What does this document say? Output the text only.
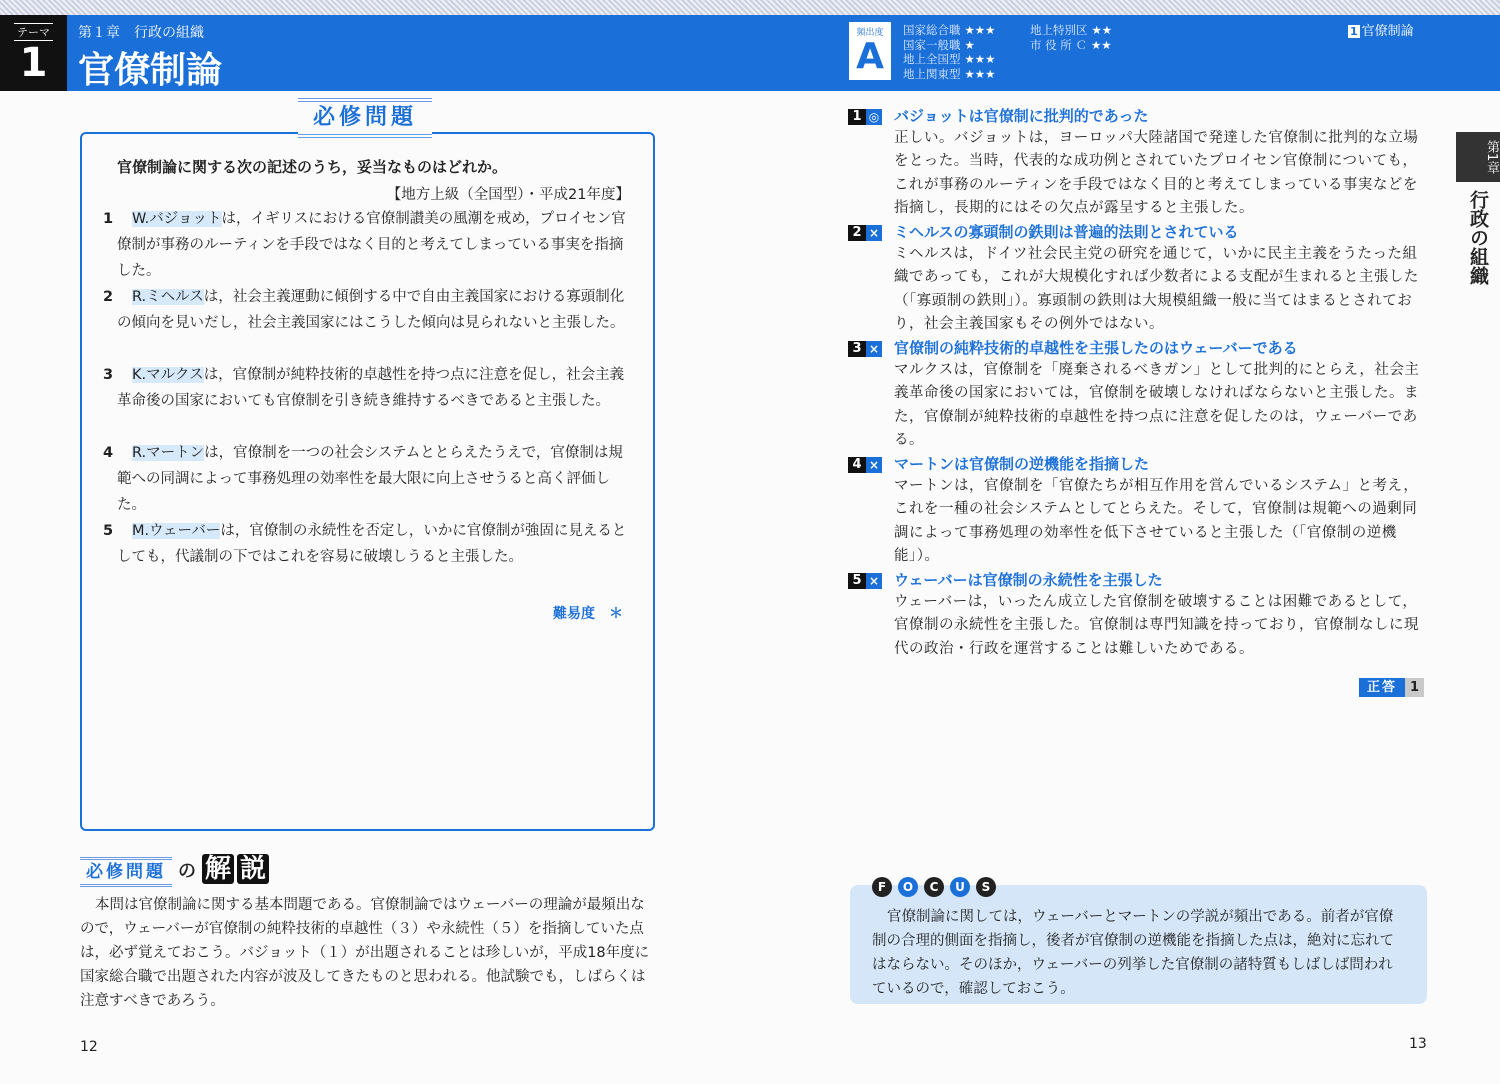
テーマ
1
第１章　行政の組織
官僚制論
頻出度
A
国家総合職 ★★★
国家一般職 ★
地上全国型 ★★★
地上関東型 ★★★
地上特別区 ★★
市 役 所 Ｃ ★★
1 官僚制論
必修問題
官僚制論に関する次の記述のうち，妥当なものはどれか。
【地方上級（全国型）・平成21年度】
1	W.バジョットは，イギリスにおける官僚制讃美の風潮を戒め，プロイセン官僚制が事務のルーティンを手段ではなく目的と考えてしまっている事実を指摘した。
2	R.ミヘルスは，社会主義運動に傾倒する中で自由主義国家における寡頭制化の傾向を見いだし，社会主義国家にはこうした傾向は見られないと主張した。
3	K.マルクスは，官僚制が純粋技術的卓越性を持つ点に注意を促し，社会主義革命後の国家においても官僚制を引き続き維持するべきであると主張した。
4	R.マートンは，官僚制を一つの社会システムととらえたうえで，官僚制は規範への同調によって事務処理の効率性を最大限に向上させうると高く評価した。
5	M.ウェーバーは，官僚制の永続性を否定し，いかに官僚制が強固に見えるとしても，代議制の下ではこれを容易に破壊しうると主張した。
難易度　＊
必修問題 の 解 説
本問は官僚制論に関する基本問題である。官僚制論ではウェーバーの理論が最頻出なので，ウェーバーが官僚制の純粋技術的卓越性（３）や永続性（５）を指摘していた点は，必ず覚えておこう。バジョット（１）が出題されることは珍しいが，平成18年度に国家総合職で出題された内容が波及してきたものと思われる。他試験でも，しばらくは注意すべきであろう。
12
1 ◎ バジョットは官僚制に批判的であった
正しい。バジョットは，ヨーロッパ大陸諸国で発達した官僚制に批判的な立場をとった。当時，代表的な成功例とされていたプロイセン官僚制についても，これが事務のルーティンを手段ではなく目的と考えてしまっている事実などを指摘し，長期的にはその欠点が露呈すると主張した。
2 × ミヘルスの寡頭制の鉄則は普遍的法則とされている
ミヘルスは，ドイツ社会民主党の研究を通じて，いかに民主主義をうたった組織であっても，これが大規模化すれば少数者による支配が生まれると主張した（「寡頭制の鉄則」）。寡頭制の鉄則は大規模組織一般に当てはまるとされており，社会主義国家もその例外ではない。
3 × 官僚制の純粋技術的卓越性を主張したのはウェーバーである
マルクスは，官僚制を「廃棄されるべきガン」として批判的にとらえ，社会主義革命後の国家においては，官僚制を破壊しなければならないと主張した。また，官僚制が純粋技術的卓越性を持つ点に注意を促したのは，ウェーバーである。
4 × マートンは官僚制の逆機能を指摘した
マートンは，官僚制を「官僚たちが相互作用を営んでいるシステム」と考え，これを一種の社会システムとしてとらえた。そして，官僚制は規範への過剰同調によって事務処理の効率性を低下させていると主張した（「官僚制の逆機能」）。
5 × ウェーバーは官僚制の永続性を主張した
ウェーバーは，いったん成立した官僚制を破壊することは困難であるとして，官僚制の永続性を主張した。官僚制は専門知識を持っており，官僚制なしに現代の政治・行政を運営することは難しいためである。
正答 1
第1章
行政の組織
官僚制論に関しては，ウェーバーとマートンの学説が頻出である。前者が官僚制の合理的側面を指摘し，後者が官僚制の逆機能を指摘した点は，絶対に忘れてはならない。そのほか，ウェーバーの列挙した官僚制の諸特質もしばしば問われているので，確認しておこう。
F	O	C	U	S
13
